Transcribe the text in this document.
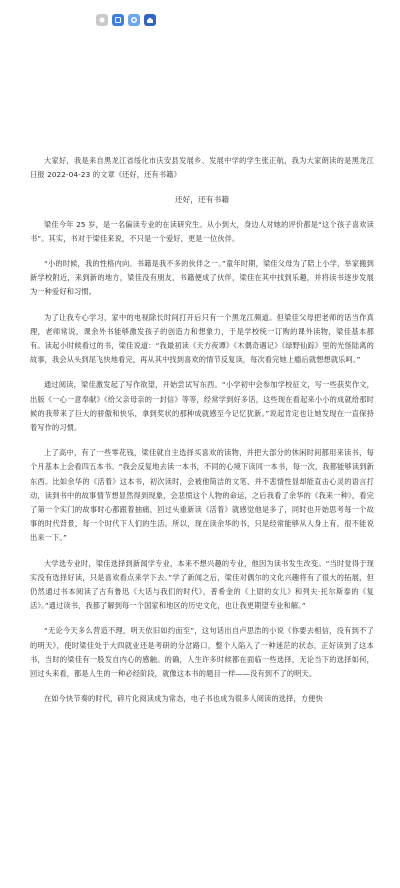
大家好，我是来自黑龙江省绥化市庆安县发展乡、发展中学的学生张正航，我为大家朗读的是黑龙江日报 2022-04-23 的文章《还好，还有书籍》

还好，还有书籍

梁佳今年 25 岁，是一名偏读专业的在读研究生。从小到大，身边人对她的评价都是“这个孩子喜欢读书”。其实，书对于梁佳来说，不只是一个爱好，更是一位伙伴。

“小的时候，我的性格内向。书籍是我不多的伙伴之一。”童年时期，梁佳父母为了陪上小学，举家搬到新学校附近，来到新的地方，梁佳没有朋友，书籍便成了伙伴，梁佳在其中找到乐趣，并将读书逐步发展为一种爱好和习惯。

为了让我专心学习，家中的电视除长时间打开后只有一个黑龙江频道。但梁佳父母把老师的话当作真理，老师常说，课余外书能够激发孩子的创造力和想象力，于是学校统一订购的课外读物，梁佳基本都有。读起小时候看过的书，梁佳说道：“我最初读《天方夜谭》《木偶奇遇记》《绿野仙踪》里的光怪陆离的故事，我会从头到尾飞快地看完，再从其中找到喜欢的情节反复读，每次看完她上瘾后就想想就乐呵。”

通过阅读，梁佳激发起了写作欲望，开始尝试写东西。“小学初中会参加学校征文，写一些获奖作文，出版《一心一意奉献》《给父亲母亲的一封信》等等，经常学到好多话，这些现在看起来小小的成就给那时候的我带来了巨大的骄傲和快乐，拿到奖状的那种成就感至今记忆犹新。”说起肯定也让她发现在一直保持着写作的习惯。

上了高中，有了一些零花钱，梁佳就自主选择买喜欢的读物，并把大部分的休闲时间都用来读书，每个月基本上会看四五本书。“我会反复地去读一本书，不同的心境下读同一本书，每一次，我都能够读到新东西。比如余华的《活着》这本书，初次读时，会被他简洁的文笔、并不悲情性显却能直击心灵的语言打动，读到书中的故事情节想显然得到现象，会悲愤这个人物的命运，之后我看了余华的《我来一种》，看完了第一个实门的故事时心都跟着抽痛，回过头重新读《活着》就感觉他是多了，同时也开始思考每一个故事的时代背景，每一个时代下人们的生活。所以，现在读余华的书，只是经常能够从人身上有，很不能说出来一下。”

大学选专业时，梁佳选择到新闻学专业，本来不想兴趣的专业，他因为读书发生改变。“当时觉得于现实没有选择好读，只是喜欢看点来学下去。”学了新闻之后，梁佳对偶尔的文化兴趣将有了很大的拓展，但仍然通过书本阅读了古有鲁迅《大话与我们的时代》，普希金的《上尉的女儿》和列夫·托尔斯泰的《复活》。”通过读书，我都了解到每一个国家和地区的历史文化，也让我更期望专业和解。”

“无论今天多么营造不理，明天依旧如约而至”，这句话出自卢思浩的小说《你要去相信，没有到不了的明天》，使时梁佳处于大四就业还是考研的分岔路口，整个人陷入了一种迷茫的状态，正好读到了这本书，当时的梁佳有一股发自内心的感触。的确，人生许多时候都在面临一些选择，无论当下的选择如何，回过头来看，都是人生的一种必经阶段，就像这本书的题目一样——没有到不了的明天。

在如今快节奏的时代，碎片化阅读成为常态，电子书也成为很多人阅读的选择，方便快
